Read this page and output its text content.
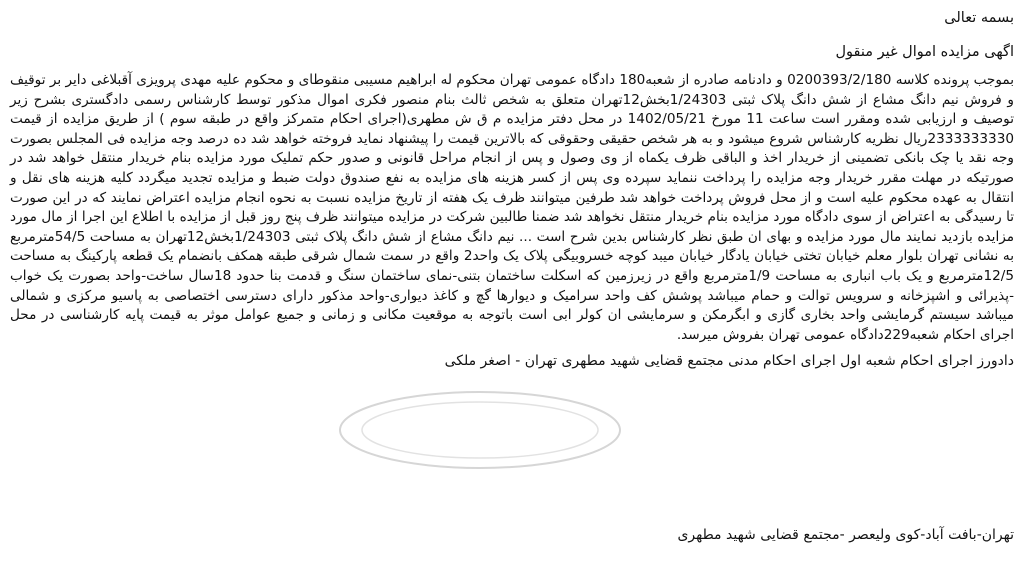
بسمه تعالی

اگهی مزایده اموال غیر منقول

بموجب پرونده کلاسه 0200393/2/180 و دادنامه صادره از شعبه180 دادگاه عمومی تهران محکوم له ابراهیم مسیبی منقوطای و محکوم علیه مهدی پرویزی آقبلاغی دایر بر توقیف و فروش نیم دانگ مشاع از شش دانگ پلاک ثبتی 1/24303بخش12تهران متعلق به شخص ثالث بنام منصور فکری اموال مذکور توسط کارشناس رسمی دادگستری بشرح زیر توصیف و ارزیابی شده ومقرر است ساعت 11 مورخ 1402/05/21 در محل دفتر مزایده م ق ش مطهری(اجرای احکام متمرکز واقع در طبقه سوم ) از طریق مزایده از قیمت 2333333330ریال نظریه کارشناس شروع میشود و به هر شخص حقیقی وحقوقی که بالاترین قیمت را پیشنهاد نماید فروخته خواهد شد ده درصد وجه مزایده فی المجلس بصورت وجه نقد یا چک بانکی تضمینی از خریدار اخذ و الباقی ظرف یکماه از وی وصول و پس از انجام مراحل قانونی و صدور حکم تملیک مورد مزایده بنام خریدار منتقل خواهد شد در صورتیکه در مهلت مقرر خریدار وجه مزایده را پرداخت ننماید سپرده وی پس از کسر هزینه های مزایده به نفع صندوق دولت ضبط و مزایده تجدید میگردد کلیه هزینه های نقل و انتقال به عهده محکوم علیه است و از محل فروش پرداخت خواهد شد طرفین میتوانند ظرف یک هفته از تاریخ مزایده نسبت به نحوه انجام مزایده اعتراض نمایند که در این صورت تا رسیدگی به اعتراض از سوی دادگاه مورد مزایده بنام خریدار منتقل نخواهد شد ضمنا طالبین شرکت در مزایده میتوانند ظرف پنج روز قبل از مزایده با اطلاع این اجرا از مال مورد مزایده بازدید نمایند مال مورد مزایده و بهای ان طبق نظر کارشناس بدین شرح است ... نیم دانگ مشاع از شش دانگ پلاک ثبتی 1/24303بخش12تهران به مساحت 54/5مترمربع به نشانی تهران بلوار معلم خیابان تختی خیابان یادگار خیابان میبد کوچه خسروبیگی پلاک یک واحد2 واقع در سمت شمال شرقی طبقه همکف بانضمام یک قطعه پارکینگ به مساحت 12/5مترمربع و یک باب انباری به مساحت 1/9مترمربع واقع در زیرزمین که اسکلت ساختمان بتنی-نمای ساختمان سنگ و قدمت بنا حدود 18سال ساخت-واحد بصورت یک خواب -پذیرائی و اشپزخانه و سرویس توالت و حمام میباشد پوشش کف واحد سرامیک و دیوارها گچ و کاغذ دیواری-واحد مذکور دارای دسترسی اختصاصی به پاسیو مرکزی و شمالی میباشد سیستم گرمایشی واحد بخاری گازی و ابگرمکن و سرمایشی ان کولر ابی است باتوجه به موقعیت مکانی و زمانی و جمیع عوامل موثر به قیمت پایه کارشناسی در محل اجرای احکام شعبه229دادگاه عمومی تهران بفروش میرسد.
دادورز اجرای احکام شعبه اول اجرای احکام مدنی مجتمع قضایی شهید مطهری تهران - اصغر ملکی
تهران-بافت آباد-کوی ولیعصر -مجتمع قضایی شهید مطهری
